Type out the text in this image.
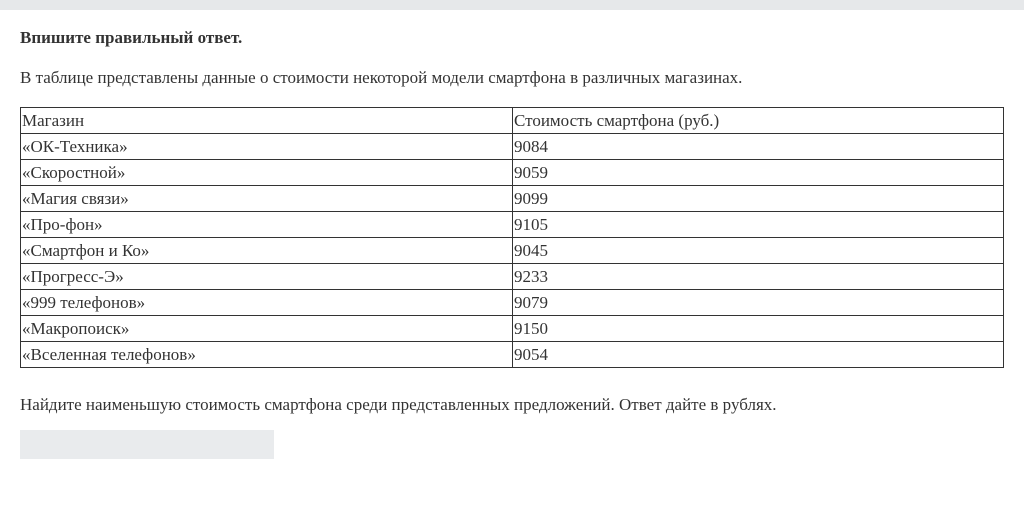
Впишите правильный ответ.
В таблице представлены данные о стоимости некоторой модели смартфона в различных магазинах.
Магазин	Стоимость смартфона (руб.)
«ОК-Техника»	9084
«Скоростной»	9059
«Магия связи»	9099
«Про-фон»	9105
«Смартфон и Ко»	9045
«Прогресс-Э»	9233
«999 телефонов»	9079
«Макропоиск»	9150
«Вселенная телефонов»	9054
Найдите наименьшую стоимость смартфона среди представленных предложений. Ответ дайте в рублях.
